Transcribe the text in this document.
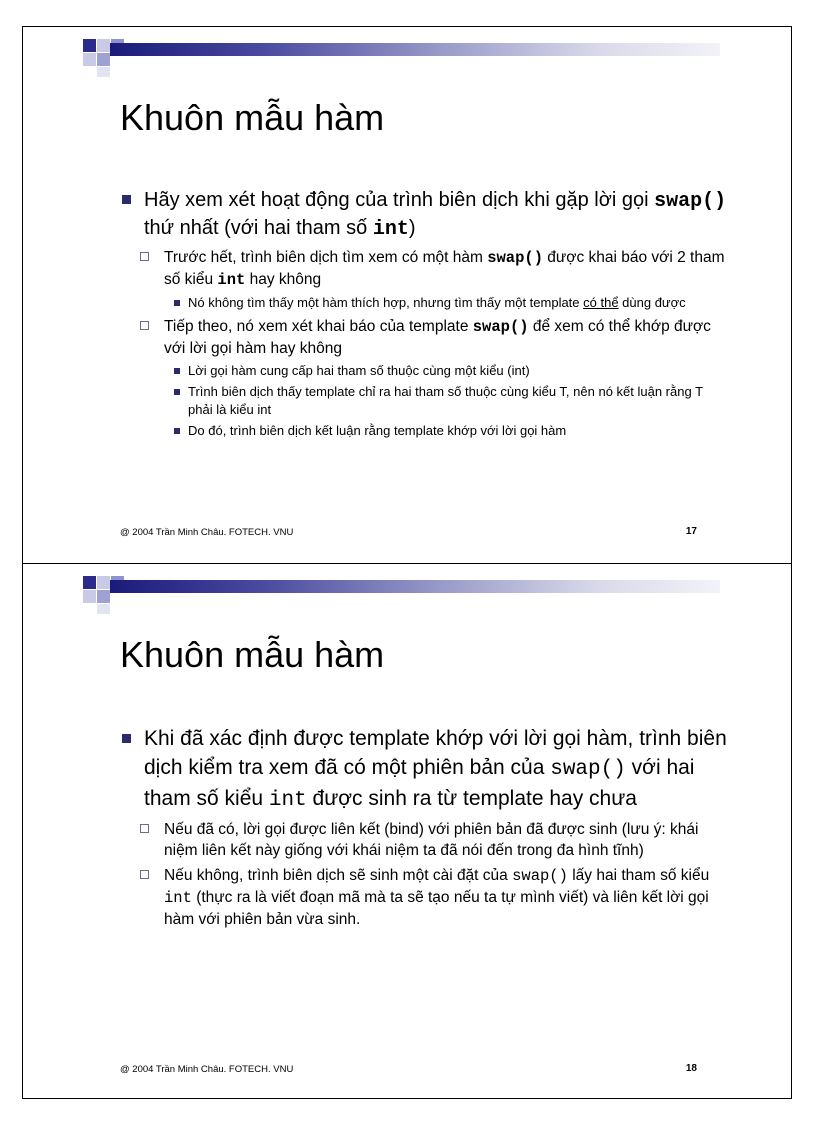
Khuôn mẫu hàm
Hãy xem xét hoạt động của trình biên dịch khi gặp lời gọi swap() thứ nhất (với hai tham số int)
Trước hết, trình biên dịch tìm xem có một hàm swap() được khai báo với 2 tham số kiểu int hay không
Nó không tìm thấy một hàm thích hợp, nhưng tìm thấy một template có thể dùng được
Tiếp theo, nó xem xét khai báo của template swap() để xem có thể khớp được với lời gọi hàm hay không
Lời gọi hàm cung cấp hai tham số thuộc cùng một kiểu (int)
Trình biên dịch thấy template chỉ ra hai tham số thuộc cùng kiểu T, nên nó kết luận rằng T phải là kiểu int
Do đó, trình biên dịch kết luận rằng template khớp với lời gọi hàm
@ 2004 Trần Minh Châu. FOTECH. VNU	17
Khuôn mẫu hàm
Khi đã xác định được template khớp với lời gọi hàm, trình biên dịch kiểm tra xem đã có một phiên bản của swap() với hai tham số kiểu int được sinh ra từ template hay chưa
Nếu đã có, lời gọi được liên kết (bind) với phiên bản đã được sinh (lưu ý: khái niệm liên kết này giống với khái niệm ta đã nói đến trong đa hình tĩnh)
Nếu không, trình biên dịch sẽ sinh một cài đặt của swap() lấy hai tham số kiểu int (thực ra là viết đoạn mã mà ta sẽ tạo nếu ta tự mình viết) và liên kết lời gọi hàm với phiên bản vừa sinh.
@ 2004 Trần Minh Châu. FOTECH. VNU	18
